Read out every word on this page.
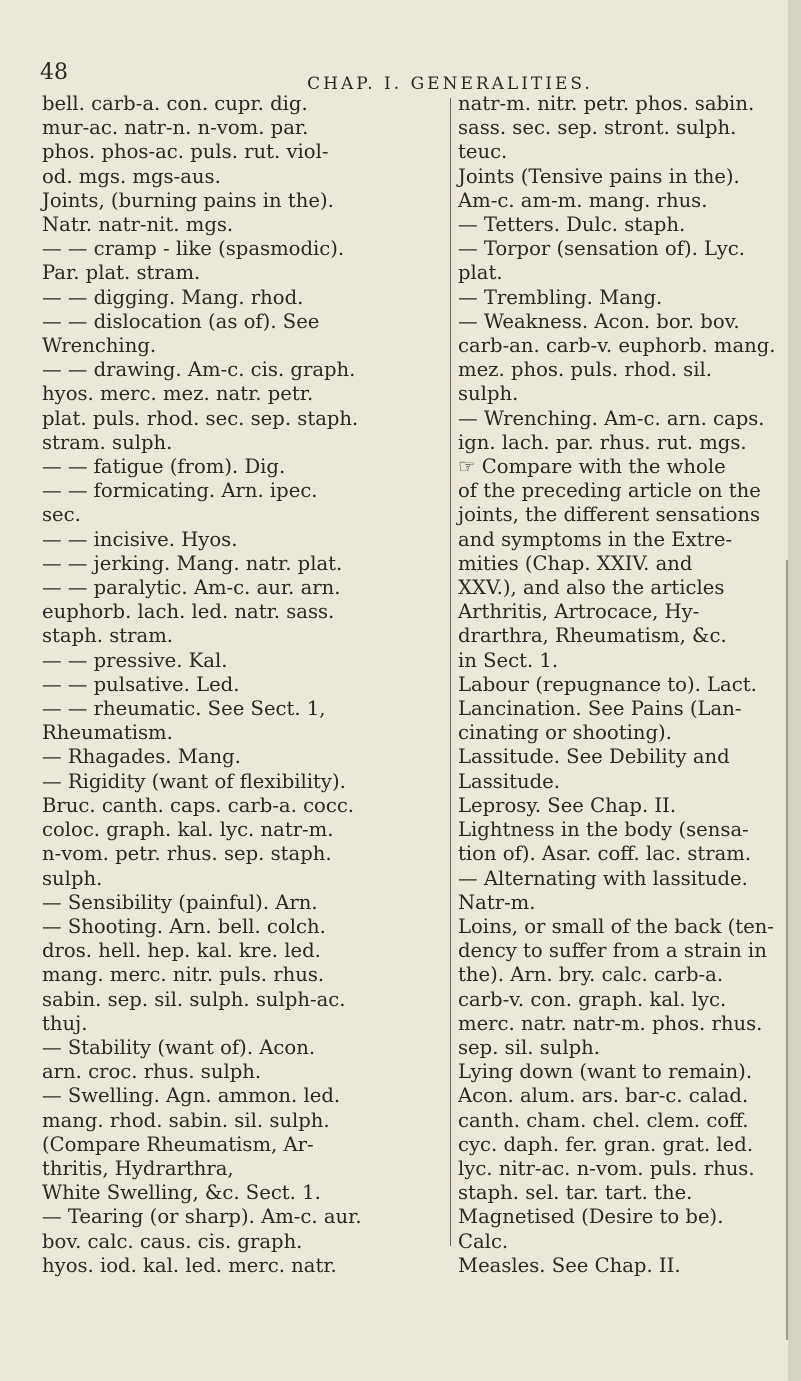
48	CHAP. I. GENERALITIES.
bell. carb-a. con. cupr. dig.
mur-ac. natr-n. n-vom. par.
phos. phos-ac. puls. rut. viol-
od. mgs. mgs-aus.
Joints, (burning pains in the).
Natr. natr-nit. mgs.
— — cramp - like (spasmodic).
Par. plat. stram.
— — digging. Mang. rhod.
— — dislocation (as of). See
Wrenching.
— — drawing. Am-c. cis. graph.
hyos. merc. mez. natr. petr.
plat. puls. rhod. sec. sep. staph.
stram. sulph.
— — fatigue (from). Dig.
— — formicating. Arn. ipec.
sec.
— — incisive. Hyos.
— — jerking. Mang. natr. plat.
— — paralytic. Am-c. aur. arn.
euphorb. lach. led. natr. sass.
staph. stram.
— — pressive. Kal.
— — pulsative. Led.
— — rheumatic. See Sect. 1,
Rheumatism.
— Rhagades. Mang.
— Rigidity (want of flexibility).
Bruc. canth. caps. carb-a. cocc.
coloc. graph. kal. lyc. natr-m.
n-vom. petr. rhus. sep. staph.
sulph.
— Sensibility (painful). Arn.
— Shooting. Arn. bell. colch.
dros. hell. hep. kal. kre. led.
mang. merc. nitr. puls. rhus.
sabin. sep. sil. sulph. sulph-ac.
thuj.
— Stability (want of). Acon.
arn. croc. rhus. sulph.
— Swelling. Agn. ammon. led.
mang. rhod. sabin. sil. sulph.
(Compare Rheumatism, Ar-
thritis, Hydrarthra,
White Swelling, &c. Sect. 1.
— Tearing (or sharp). Am-c. aur.
bov. calc. caus. cis. graph.
hyos. iod. kal. led. merc. natr.
natr-m. nitr. petr. phos. sabin.
sass. sec. sep. stront. sulph.
teuc.
Joints (Tensive pains in the).
Am-c. am-m. mang. rhus.
— Tetters. Dulc. staph.
— Torpor (sensation of). Lyc.
plat.
— Trembling. Mang.
— Weakness. Acon. bor. bov.
carb-an. carb-v. euphorb. mang.
mez. phos. puls. rhod. sil.
sulph.
— Wrenching. Am-c. arn. caps.
ign. lach. par. rhus. rut. mgs.
☞ Compare with the whole
of the preceding article on the
joints, the different sensations
and symptoms in the Extre-
mities (Chap. XXIV. and
XXV.), and also the articles
Arthritis, Artrocace, Hy-
drarthra, Rheumatism, &c.
in Sect. 1.
Labour (repugnance to). Lact.
Lancination. See Pains (Lan-
cinating or shooting).
Lassitude. See Debility and
Lassitude.
Leprosy. See Chap. II.
Lightness in the body (sensa-
tion of). Asar. coff. lac. stram.
— Alternating with lassitude.
Natr-m.
Loins, or small of the back (ten-
dency to suffer from a strain in
the). Arn. bry. calc. carb-a.
carb-v. con. graph. kal. lyc.
merc. natr. natr-m. phos. rhus.
sep. sil. sulph.
Lying down (want to remain).
Acon. alum. ars. bar-c. calad.
canth. cham. chel. clem. coff.
cyc. daph. fer. gran. grat. led.
lyc. nitr-ac. n-vom. puls. rhus.
staph. sel. tar. tart. the.
Magnetised (Desire to be).
Calc.
Measles. See Chap. II.
